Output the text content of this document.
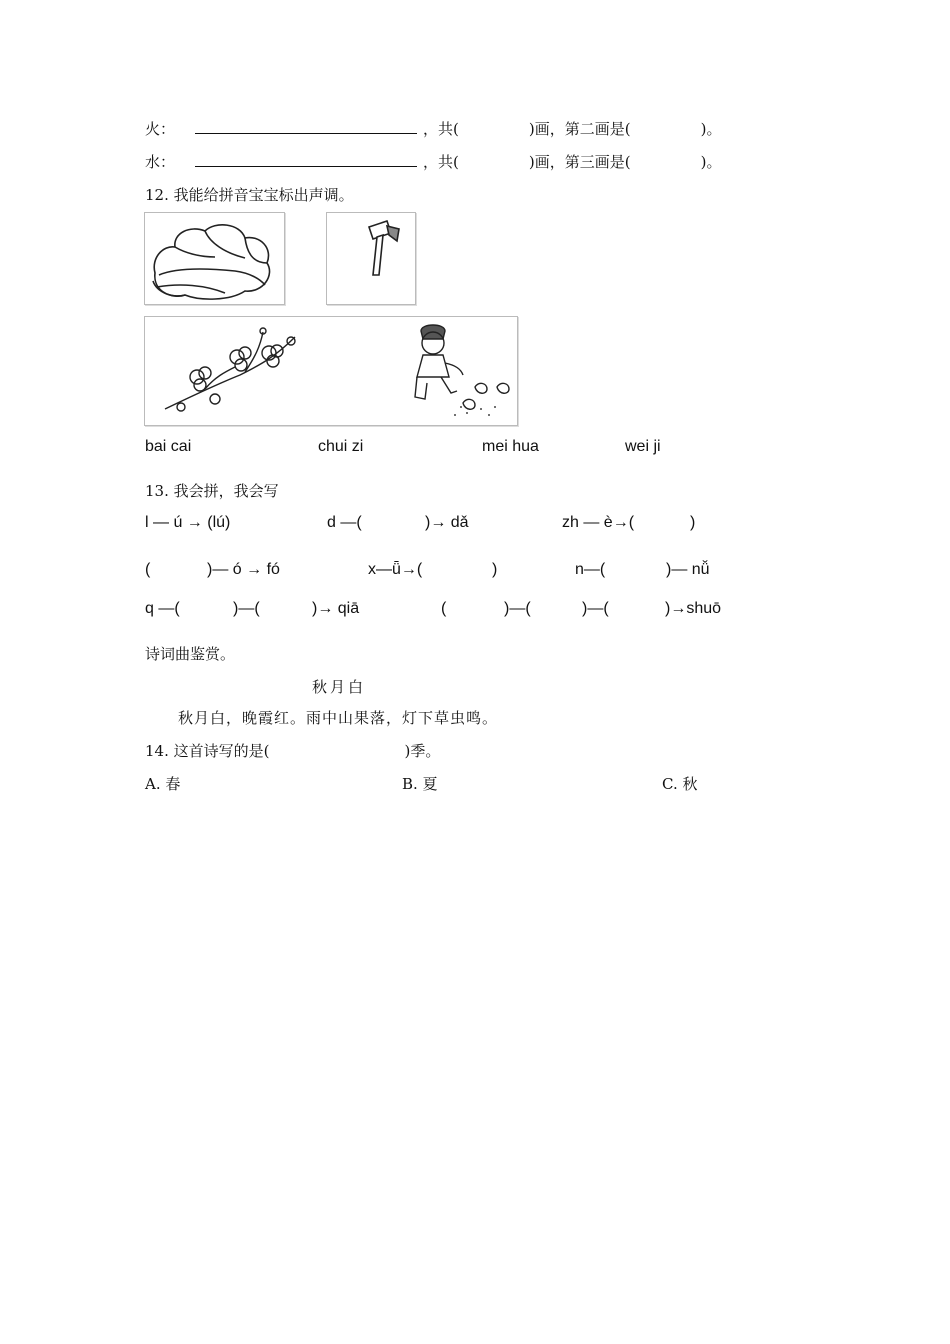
火：	，共(	)画，第二画是(	)。
水：	，共(	)画，第三画是(	)。
12. 我能给拼音宝宝标出声调。
bai cai	chui zi	mei hua	wei ji
13. 我会拼，我会写
l — ú → (lú)	d —(	)→ dǎ	zh — è→(	)
(	)— ó → fó	x—ǖ→(	)	n—(	)— nǚ
q —(	)—(	)→ qiā	(	)—(	)—(	)→shuō
诗词曲鉴赏。
秋月白
秋月白，晚霞红。雨中山果落，灯下草虫鸣。
14. 这首诗写的是(	)季。
A. 春	B. 夏	C. 秋
